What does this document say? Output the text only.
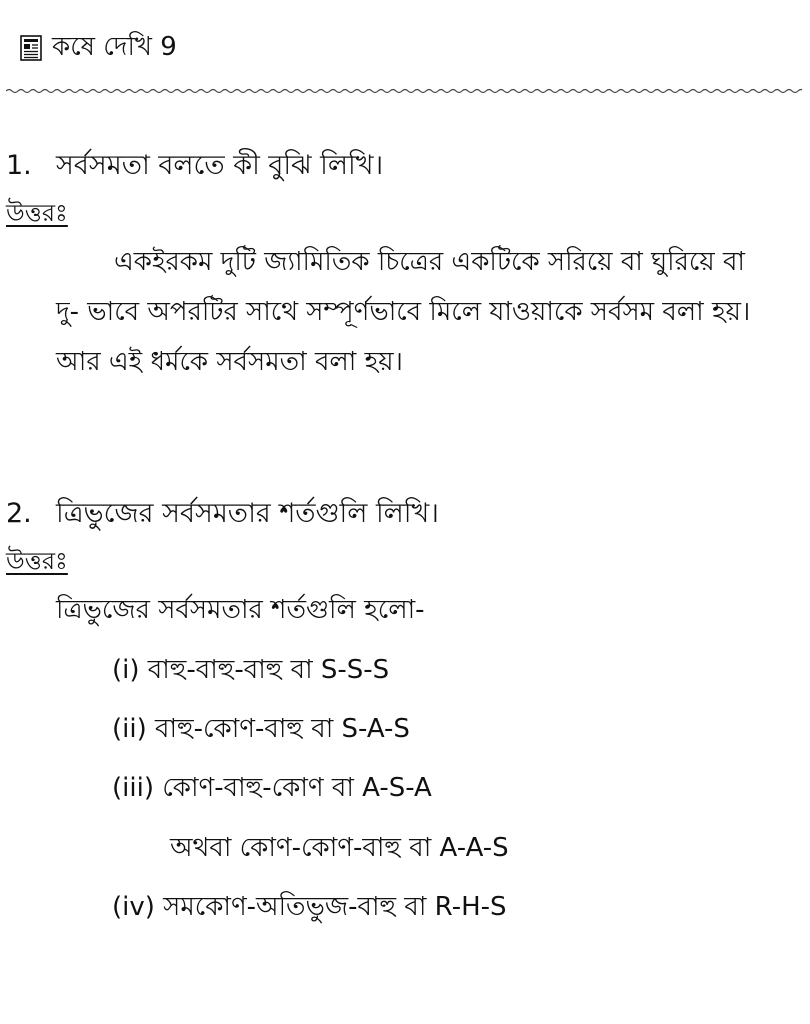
কষে দেখি 9
1. সর্বসমতা বলতে কী বুঝি লিখি।
উত্তরঃ
একইরকম দুটি জ্যামিতিক চিত্রের একটিকে সরিয়ে বা ঘুরিয়ে বা
দু- ভাবে অপরটির সাথে সম্পূর্ণভাবে মিলে যাওয়াকে সর্বসম বলা হয়।
আর এই ধর্মকে সর্বসমতা বলা হয়।
2. ত্রিভুজের সর্বসমতার শর্তগুলি লিখি।
উত্তরঃ
ত্রিভুজের সর্বসমতার শর্তগুলি হলো-
(i) বাহু-বাহু-বাহু বা S-S-S
(ii) বাহু-কোণ-বাহু বা S-A-S
(iii) কোণ-বাহু-কোণ বা A-S-A
অথবা কোণ-কোণ-বাহু বা A-A-S
(iv) সমকোণ-অতিভুজ-বাহু বা R-H-S
